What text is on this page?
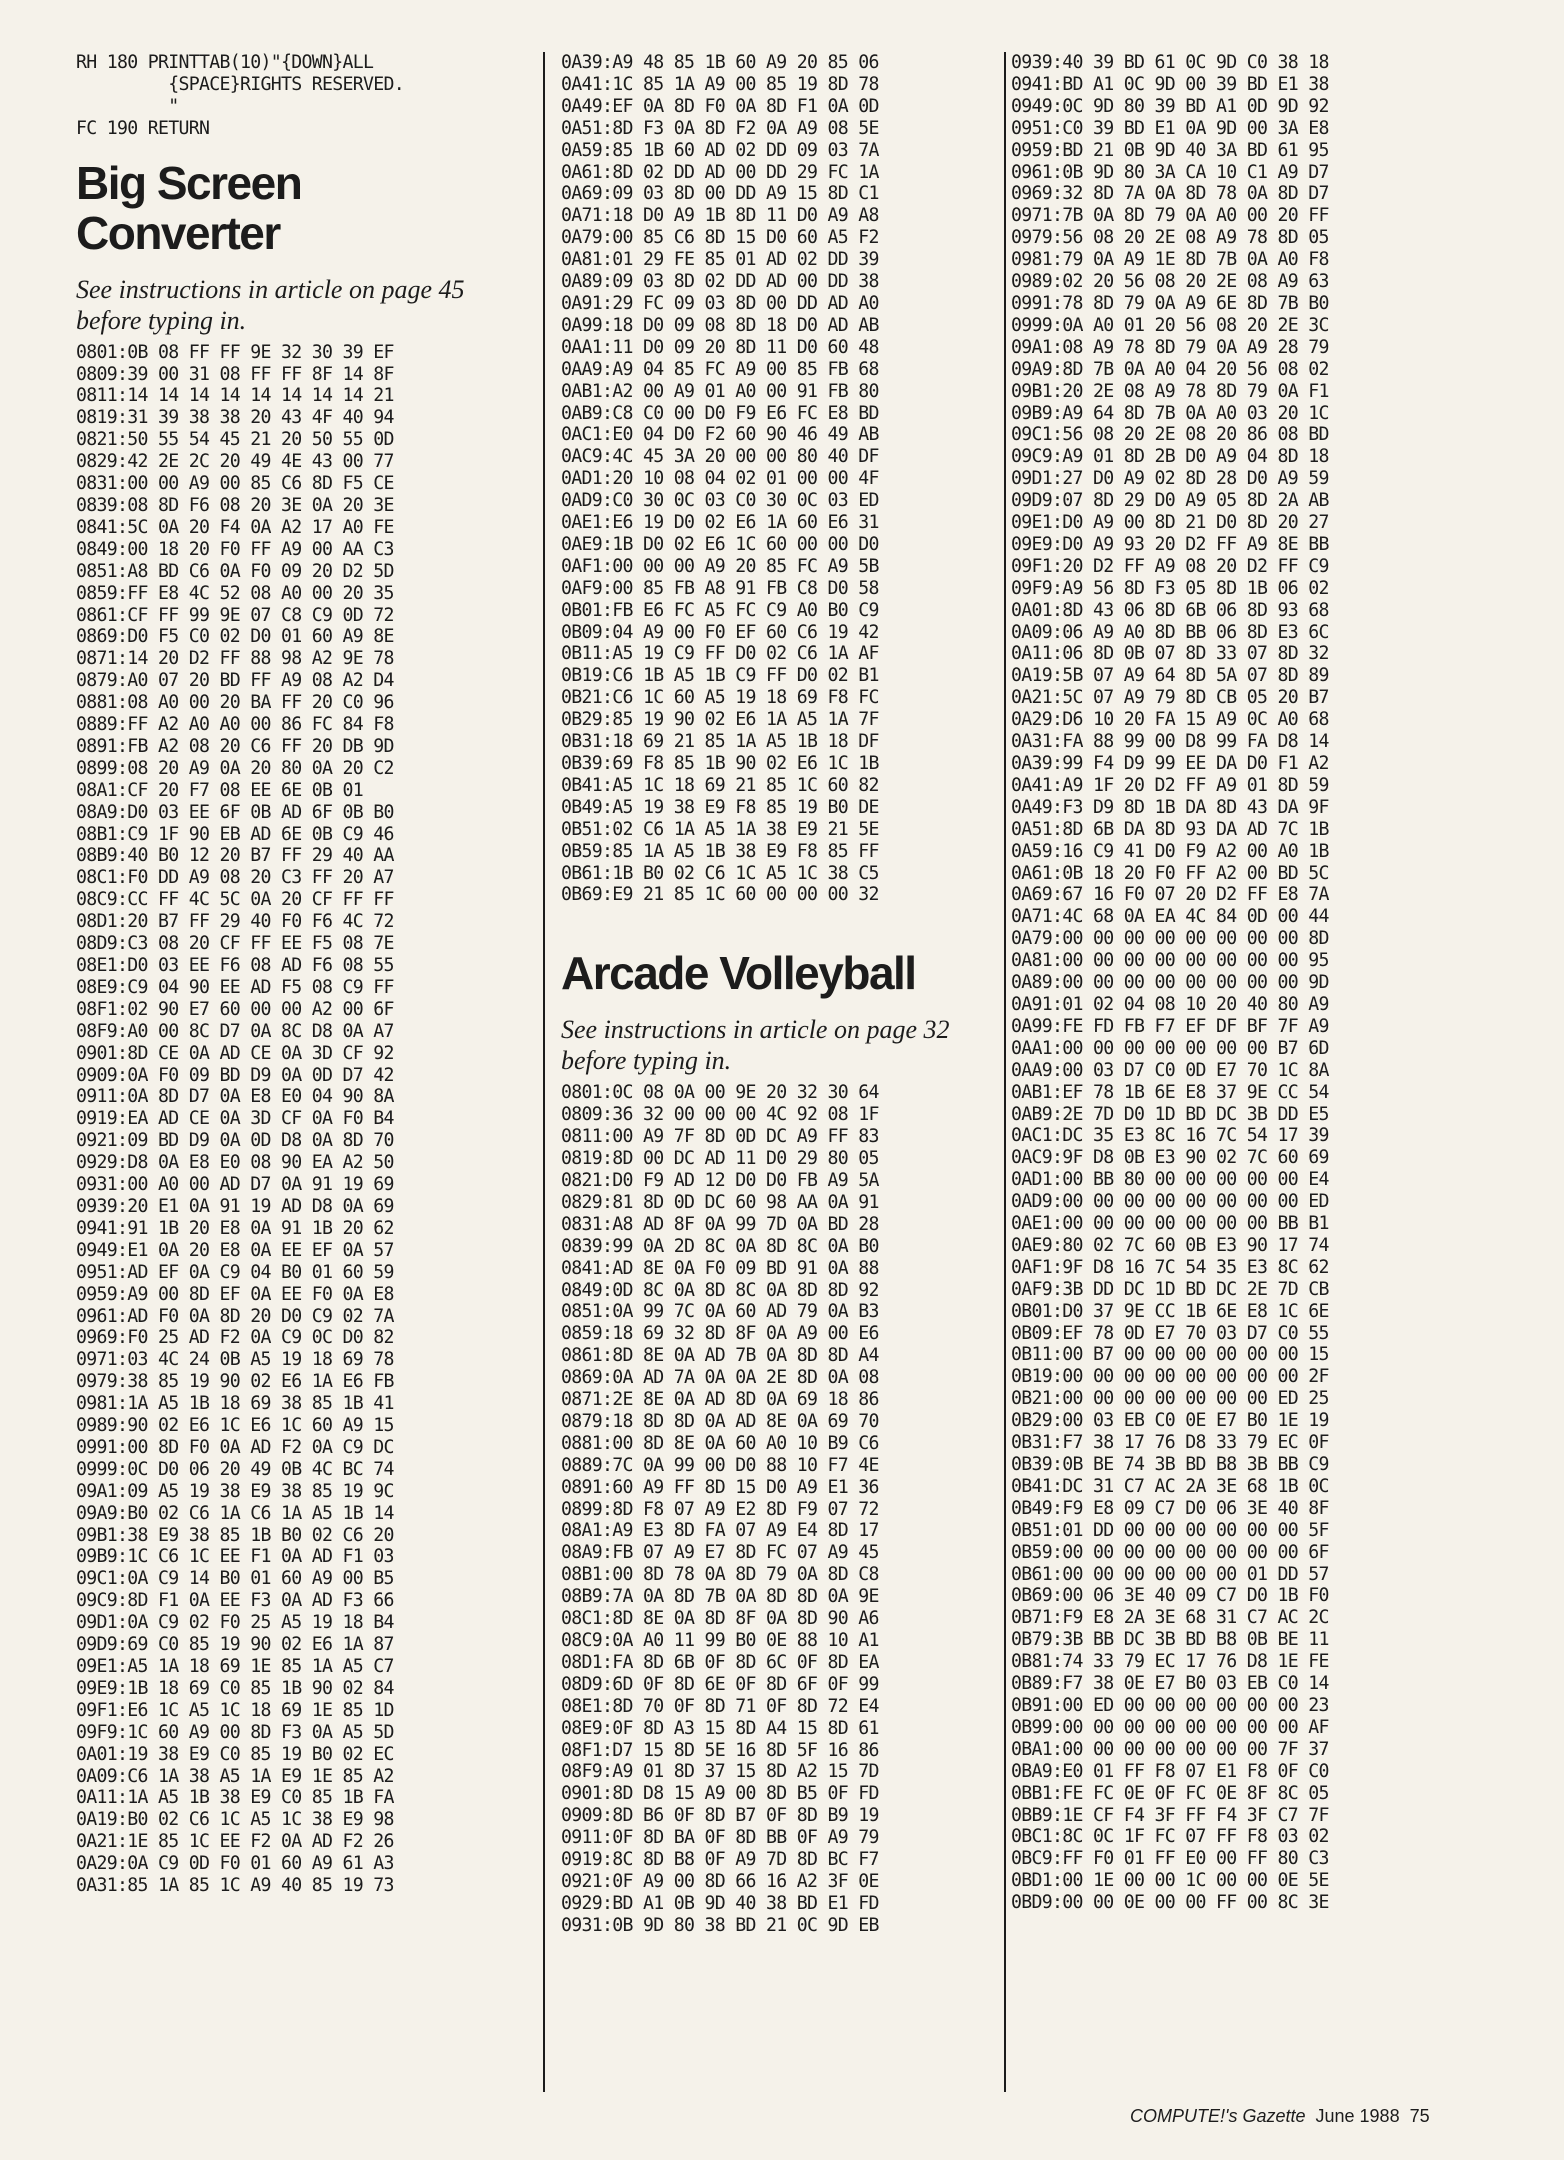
RH 180 PRINTTAB(10)"{DOWN}ALL
{SPACE}RIGHTS RESERVED.
"
FC 190 RETURN
Big Screen
Converter

See instructions in article on page 45 before typing in.

0801:0B 08 FF FF 9E 32 30 39 EF
0809:39 00 31 08 FF FF 8F 14 8F
0811:14 14 14 14 14 14 14 14 21
0819:31 39 38 38 20 43 4F 40 94
0821:50 55 54 45 21 20 50 55 0D
0829:42 2E 2C 20 49 4E 43 00 77
0831:00 00 A9 00 85 C6 8D F5 CE
0839:08 8D F6 08 20 3E 0A 20 3E
0841:5C 0A 20 F4 0A A2 17 A0 FE
0849:00 18 20 F0 FF A9 00 AA C3
0851:A8 BD C6 0A F0 09 20 D2 5D
0859:FF E8 4C 52 08 A0 00 20 35
0861:CF FF 99 9E 07 C8 C9 0D 72
0869:D0 F5 C0 02 D0 01 60 A9 8E
0871:14 20 D2 FF 88 98 A2 9E 78
0879:A0 07 20 BD FF A9 08 A2 D4
0881:08 A0 00 20 BA FF 20 C0 96
0889:FF A2 A0 A0 00 86 FC 84 F8
0891:FB A2 08 20 C6 FF 20 DB 9D
0899:08 20 A9 0A 20 80 0A 20 C2
08A1:CF 20 F7 08 EE 6E 0B 01
08A9:D0 03 EE 6F 0B AD 6F 0B B0
08B1:C9 1F 90 EB AD 6E 0B C9 46
08B9:40 B0 12 20 B7 FF 29 40 AA
08C1:F0 DD A9 08 20 C3 FF 20 A7
08C9:CC FF 4C 5C 0A 20 CF FF FF
08D1:20 B7 FF 29 40 F0 F6 4C 72
08D9:C3 08 20 CF FF EE F5 08 7E
08E1:D0 03 EE F6 08 AD F6 08 55
08E9:C9 04 90 EE AD F5 08 C9 FF
08F1:02 90 E7 60 00 00 A2 00 6F
08F9:A0 00 8C D7 0A 8C D8 0A A7
0901:8D CE 0A AD CE 0A 3D CF 92
0909:0A F0 09 BD D9 0A 0D D7 42
0911:0A 8D D7 0A E8 E0 04 90 8A
0919:EA AD CE 0A 3D CF 0A F0 B4
0921:09 BD D9 0A 0D D8 0A 8D 70
0929:D8 0A E8 E0 08 90 EA A2 50
0931:00 A0 00 AD D7 0A 91 19 69
0939:20 E1 0A 91 19 AD D8 0A 69
0941:91 1B 20 E8 0A 91 1B 20 62
0949:E1 0A 20 E8 0A EE EF 0A 57
0951:AD EF 0A C9 04 B0 01 60 59
0959:A9 00 8D EF 0A EE F0 0A E8
0961:AD F0 0A 8D 20 D0 C9 02 7A
0969:F0 25 AD F2 0A C9 0C D0 82
0971:03 4C 24 0B A5 19 18 69 78
0979:38 85 19 90 02 E6 1A E6 FB
0981:1A A5 1B 18 69 38 85 1B 41
0989:90 02 E6 1C E6 1C 60 A9 15
0991:00 8D F0 0A AD F2 0A C9 DC
0999:0C D0 06 20 49 0B 4C BC 74
09A1:09 A5 19 38 E9 38 85 19 9C
09A9:B0 02 C6 1A C6 1A A5 1B 14
09B1:38 E9 38 85 1B B0 02 C6 20
09B9:1C C6 1C EE F1 0A AD F1 03
09C1:0A C9 14 B0 01 60 A9 00 B5
09C9:8D F1 0A EE F3 0A AD F3 66
09D1:0A C9 02 F0 25 A5 19 18 B4
09D9:69 C0 85 19 90 02 E6 1A 87
09E1:A5 1A 18 69 1E 85 1A A5 C7
09E9:1B 18 69 C0 85 1B 90 02 84
09F1:E6 1C A5 1C 18 69 1E 85 1D
09F9:1C 60 A9 00 8D F3 0A A5 5D
0A01:19 38 E9 C0 85 19 B0 02 EC
0A09:C6 1A 38 A5 1A E9 1E 85 A2
0A11:1A A5 1B 38 E9 C0 85 1B FA
0A19:B0 02 C6 1C A5 1C 38 E9 98
0A21:1E 85 1C EE F2 0A AD F2 26
0A29:0A C9 0D F0 01 60 A9 61 A3
0A31:85 1A 85 1C A9 40 85 19 73
0A39:A9 48 85 1B 60 A9 20 85 06
0A41:1C 85 1A A9 00 85 19 8D 78
0A49:EF 0A 8D F0 0A 8D F1 0A 0D
0A51:8D F3 0A 8D F2 0A A9 08 5E
0A59:85 1B 60 AD 02 DD 09 03 7A
0A61:8D 02 DD AD 00 DD 29 FC 1A
0A69:09 03 8D 00 DD A9 15 8D C1
0A71:18 D0 A9 1B 8D 11 D0 A9 A8
0A79:00 85 C6 8D 15 D0 60 A5 F2
0A81:01 29 FE 85 01 AD 02 DD 39
0A89:09 03 8D 02 DD AD 00 DD 38
0A91:29 FC 09 03 8D 00 DD AD A0
0A99:18 D0 09 08 8D 18 D0 AD AB
0AA1:11 D0 09 20 8D 11 D0 60 48
0AA9:A9 04 85 FC A9 00 85 FB 68
0AB1:A2 00 A9 01 A0 00 91 FB 80
0AB9:C8 C0 00 D0 F9 E6 FC E8 BD
0AC1:E0 04 D0 F2 60 90 46 49 AB
0AC9:4C 45 3A 20 00 00 80 40 DF
0AD1:20 10 08 04 02 01 00 00 4F
0AD9:C0 30 0C 03 C0 30 0C 03 ED
0AE1:E6 19 D0 02 E6 1A 60 E6 31
0AE9:1B D0 02 E6 1C 60 00 00 D0
0AF1:00 00 00 A9 20 85 FC A9 5B
0AF9:00 85 FB A8 91 FB C8 D0 58
0B01:FB E6 FC A5 FC C9 A0 B0 C9
0B09:04 A9 00 F0 EF 60 C6 19 42
0B11:A5 19 C9 FF D0 02 C6 1A AF
0B19:C6 1B A5 1B C9 FF D0 02 B1
0B21:C6 1C 60 A5 19 18 69 F8 FC
0B29:85 19 90 02 E6 1A A5 1A 7F
0B31:18 69 21 85 1A A5 1B 18 DF
0B39:69 F8 85 1B 90 02 E6 1C 1B
0B41:A5 1C 18 69 21 85 1C 60 82
0B49:A5 19 38 E9 F8 85 19 B0 DE
0B51:02 C6 1A A5 1A 38 E9 21 5E
0B59:85 1A A5 1B 38 E9 F8 85 FF
0B61:1B B0 02 C6 1C A5 1C 38 C5
0B69:E9 21 85 1C 60 00 00 00 32
Arcade Volleyball

See instructions in article on page 32 before typing in.

0801:0C 08 0A 00 9E 20 32 30 64
0809:36 32 00 00 00 4C 92 08 1F
0811:00 A9 7F 8D 0D DC A9 FF 83
0819:8D 00 DC AD 11 D0 29 80 05
0821:D0 F9 AD 12 D0 D0 FB A9 5A
0829:81 8D 0D DC 60 98 AA 0A 91
0831:A8 AD 8F 0A 99 7D 0A BD 28
0839:99 0A 2D 8C 0A 8D 8C 0A B0
0841:AD 8E 0A F0 09 BD 91 0A 88
0849:0D 8C 0A 8D 8C 0A 8D 8D 92
0851:0A 99 7C 0A 60 AD 79 0A B3
0859:18 69 32 8D 8F 0A A9 00 E6
0861:8D 8E 0A AD 7B 0A 8D 8D A4
0869:0A AD 7A 0A 0A 2E 8D 0A 08
0871:2E 8E 0A AD 8D 0A 69 18 86
0879:18 8D 8D 0A AD 8E 0A 69 70
0881:00 8D 8E 0A 60 A0 10 B9 C6
0889:7C 0A 99 00 D0 88 10 F7 4E
0891:60 A9 FF 8D 15 D0 A9 E1 36
0899:8D F8 07 A9 E2 8D F9 07 72
08A1:A9 E3 8D FA 07 A9 E4 8D 17
08A9:FB 07 A9 E7 8D FC 07 A9 45
08B1:00 8D 78 0A 8D 79 0A 8D C8
08B9:7A 0A 8D 7B 0A 8D 8D 0A 9E
08C1:8D 8E 0A 8D 8F 0A 8D 90 A6
08C9:0A A0 11 99 B0 0E 88 10 A1
08D1:FA 8D 6B 0F 8D 6C 0F 8D EA
08D9:6D 0F 8D 6E 0F 8D 6F 0F 99
08E1:8D 70 0F 8D 71 0F 8D 72 E4
08E9:0F 8D A3 15 8D A4 15 8D 61
08F1:D7 15 8D 5E 16 8D 5F 16 86
08F9:A9 01 8D 37 15 8D A2 15 7D
0901:8D D8 15 A9 00 8D B5 0F FD
0909:8D B6 0F 8D B7 0F 8D B9 19
0911:0F 8D BA 0F 8D BB 0F A9 79
0919:8C 8D B8 0F A9 7D 8D BC F7
0921:0F A9 00 8D 66 16 A2 3F 0E
0929:BD A1 0B 9D 40 38 BD E1 FD
0931:0B 9D 80 38 BD 21 0C 9D EB
0939:40 39 BD 61 0C 9D C0 38 18
0941:BD A1 0C 9D 00 39 BD E1 38
0949:0C 9D 80 39 BD A1 0D 9D 92
0951:C0 39 BD E1 0A 9D 00 3A E8
0959:BD 21 0B 9D 40 3A BD 61 95
0961:0B 9D 80 3A CA 10 C1 A9 D7
0969:32 8D 7A 0A 8D 78 0A 8D D7
0971:7B 0A 8D 79 0A A0 00 20 FF
0979:56 08 20 2E 08 A9 78 8D 05
0981:79 0A A9 1E 8D 7B 0A A0 F8
0989:02 20 56 08 20 2E 08 A9 63
0991:78 8D 79 0A A9 6E 8D 7B B0
0999:0A A0 01 20 56 08 20 2E 3C
09A1:08 A9 78 8D 79 0A A9 28 79
09A9:8D 7B 0A A0 04 20 56 08 02
09B1:20 2E 08 A9 78 8D 79 0A F1
09B9:A9 64 8D 7B 0A A0 03 20 1C
09C1:56 08 20 2E 08 20 86 08 BD
09C9:A9 01 8D 2B D0 A9 04 8D 18
09D1:27 D0 A9 02 8D 28 D0 A9 59
09D9:07 8D 29 D0 A9 05 8D 2A AB
09E1:D0 A9 00 8D 21 D0 8D 20 27
09E9:D0 A9 93 20 D2 FF A9 8E BB
09F1:20 D2 FF A9 08 20 D2 FF C9
09F9:A9 56 8D F3 05 8D 1B 06 02
0A01:8D 43 06 8D 6B 06 8D 93 68
0A09:06 A9 A0 8D BB 06 8D E3 6C
0A11:06 8D 0B 07 8D 33 07 8D 32
0A19:5B 07 A9 64 8D 5A 07 8D 89
0A21:5C 07 A9 79 8D CB 05 20 B7
0A29:D6 10 20 FA 15 A9 0C A0 68
0A31:FA 88 99 00 D8 99 FA D8 14
0A39:99 F4 D9 99 EE DA D0 F1 A2
0A41:A9 1F 20 D2 FF A9 01 8D 59
0A49:F3 D9 8D 1B DA 8D 43 DA 9F
0A51:8D 6B DA 8D 93 DA AD 7C 1B
0A59:16 C9 41 D0 F9 A2 00 A0 1B
0A61:0B 18 20 F0 FF A2 00 BD 5C
0A69:67 16 F0 07 20 D2 FF E8 7A
0A71:4C 68 0A EA 4C 84 0D 00 44
0A79:00 00 00 00 00 00 00 00 8D
0A81:00 00 00 00 00 00 00 00 95
0A89:00 00 00 00 00 00 00 00 9D
0A91:01 02 04 08 10 20 40 80 A9
0A99:FE FD FB F7 EF DF BF 7F A9
0AA1:00 00 00 00 00 00 00 B7 6D
0AA9:00 03 D7 C0 0D E7 70 1C 8A
0AB1:EF 78 1B 6E E8 37 9E CC 54
0AB9:2E 7D D0 1D BD DC 3B DD E5
0AC1:DC 35 E3 8C 16 7C 54 17 39
0AC9:9F D8 0B E3 90 02 7C 60 69
0AD1:00 BB 80 00 00 00 00 00 E4
0AD9:00 00 00 00 00 00 00 00 ED
0AE1:00 00 00 00 00 00 00 BB B1
0AE9:80 02 7C 60 0B E3 90 17 74
0AF1:9F D8 16 7C 54 35 E3 8C 62
0AF9:3B DD DC 1D BD DC 2E 7D CB
0B01:D0 37 9E CC 1B 6E E8 1C 6E
0B09:EF 78 0D E7 70 03 D7 C0 55
0B11:00 B7 00 00 00 00 00 00 15
0B19:00 00 00 00 00 00 00 00 2F
0B21:00 00 00 00 00 00 00 ED 25
0B29:00 03 EB C0 0E E7 B0 1E 19
0B31:F7 38 17 76 D8 33 79 EC 0F
0B39:0B BE 74 3B BD B8 3B BB C9
0B41:DC 31 C7 AC 2A 3E 68 1B 0C
0B49:F9 E8 09 C7 D0 06 3E 40 8F
0B51:01 DD 00 00 00 00 00 00 5F
0B59:00 00 00 00 00 00 00 00 6F
0B61:00 00 00 00 00 00 01 DD 57
0B69:00 06 3E 40 09 C7 D0 1B F0
0B71:F9 E8 2A 3E 68 31 C7 AC 2C
0B79:3B BB DC 3B BD B8 0B BE 11
0B81:74 33 79 EC 17 76 D8 1E FE
0B89:F7 38 0E E7 B0 03 EB C0 14
0B91:00 ED 00 00 00 00 00 00 23
0B99:00 00 00 00 00 00 00 00 AF
0BA1:00 00 00 00 00 00 00 7F 37
0BA9:E0 01 FF F8 07 E1 F8 0F C0
0BB1:FE FC 0E 0F FC 0E 8F 8C 05
0BB9:1E CF F4 3F FF F4 3F C7 7F
0BC1:8C 0C 1F FC 07 FF F8 03 02
0BC9:FF F0 01 FF E0 00 FF 80 C3
0BD1:00 1E 00 00 1C 00 00 0E 5E
0BD9:00 00 0E 00 00 FF 00 8C 3E
COMPUTE!'s Gazette June 1988 75
